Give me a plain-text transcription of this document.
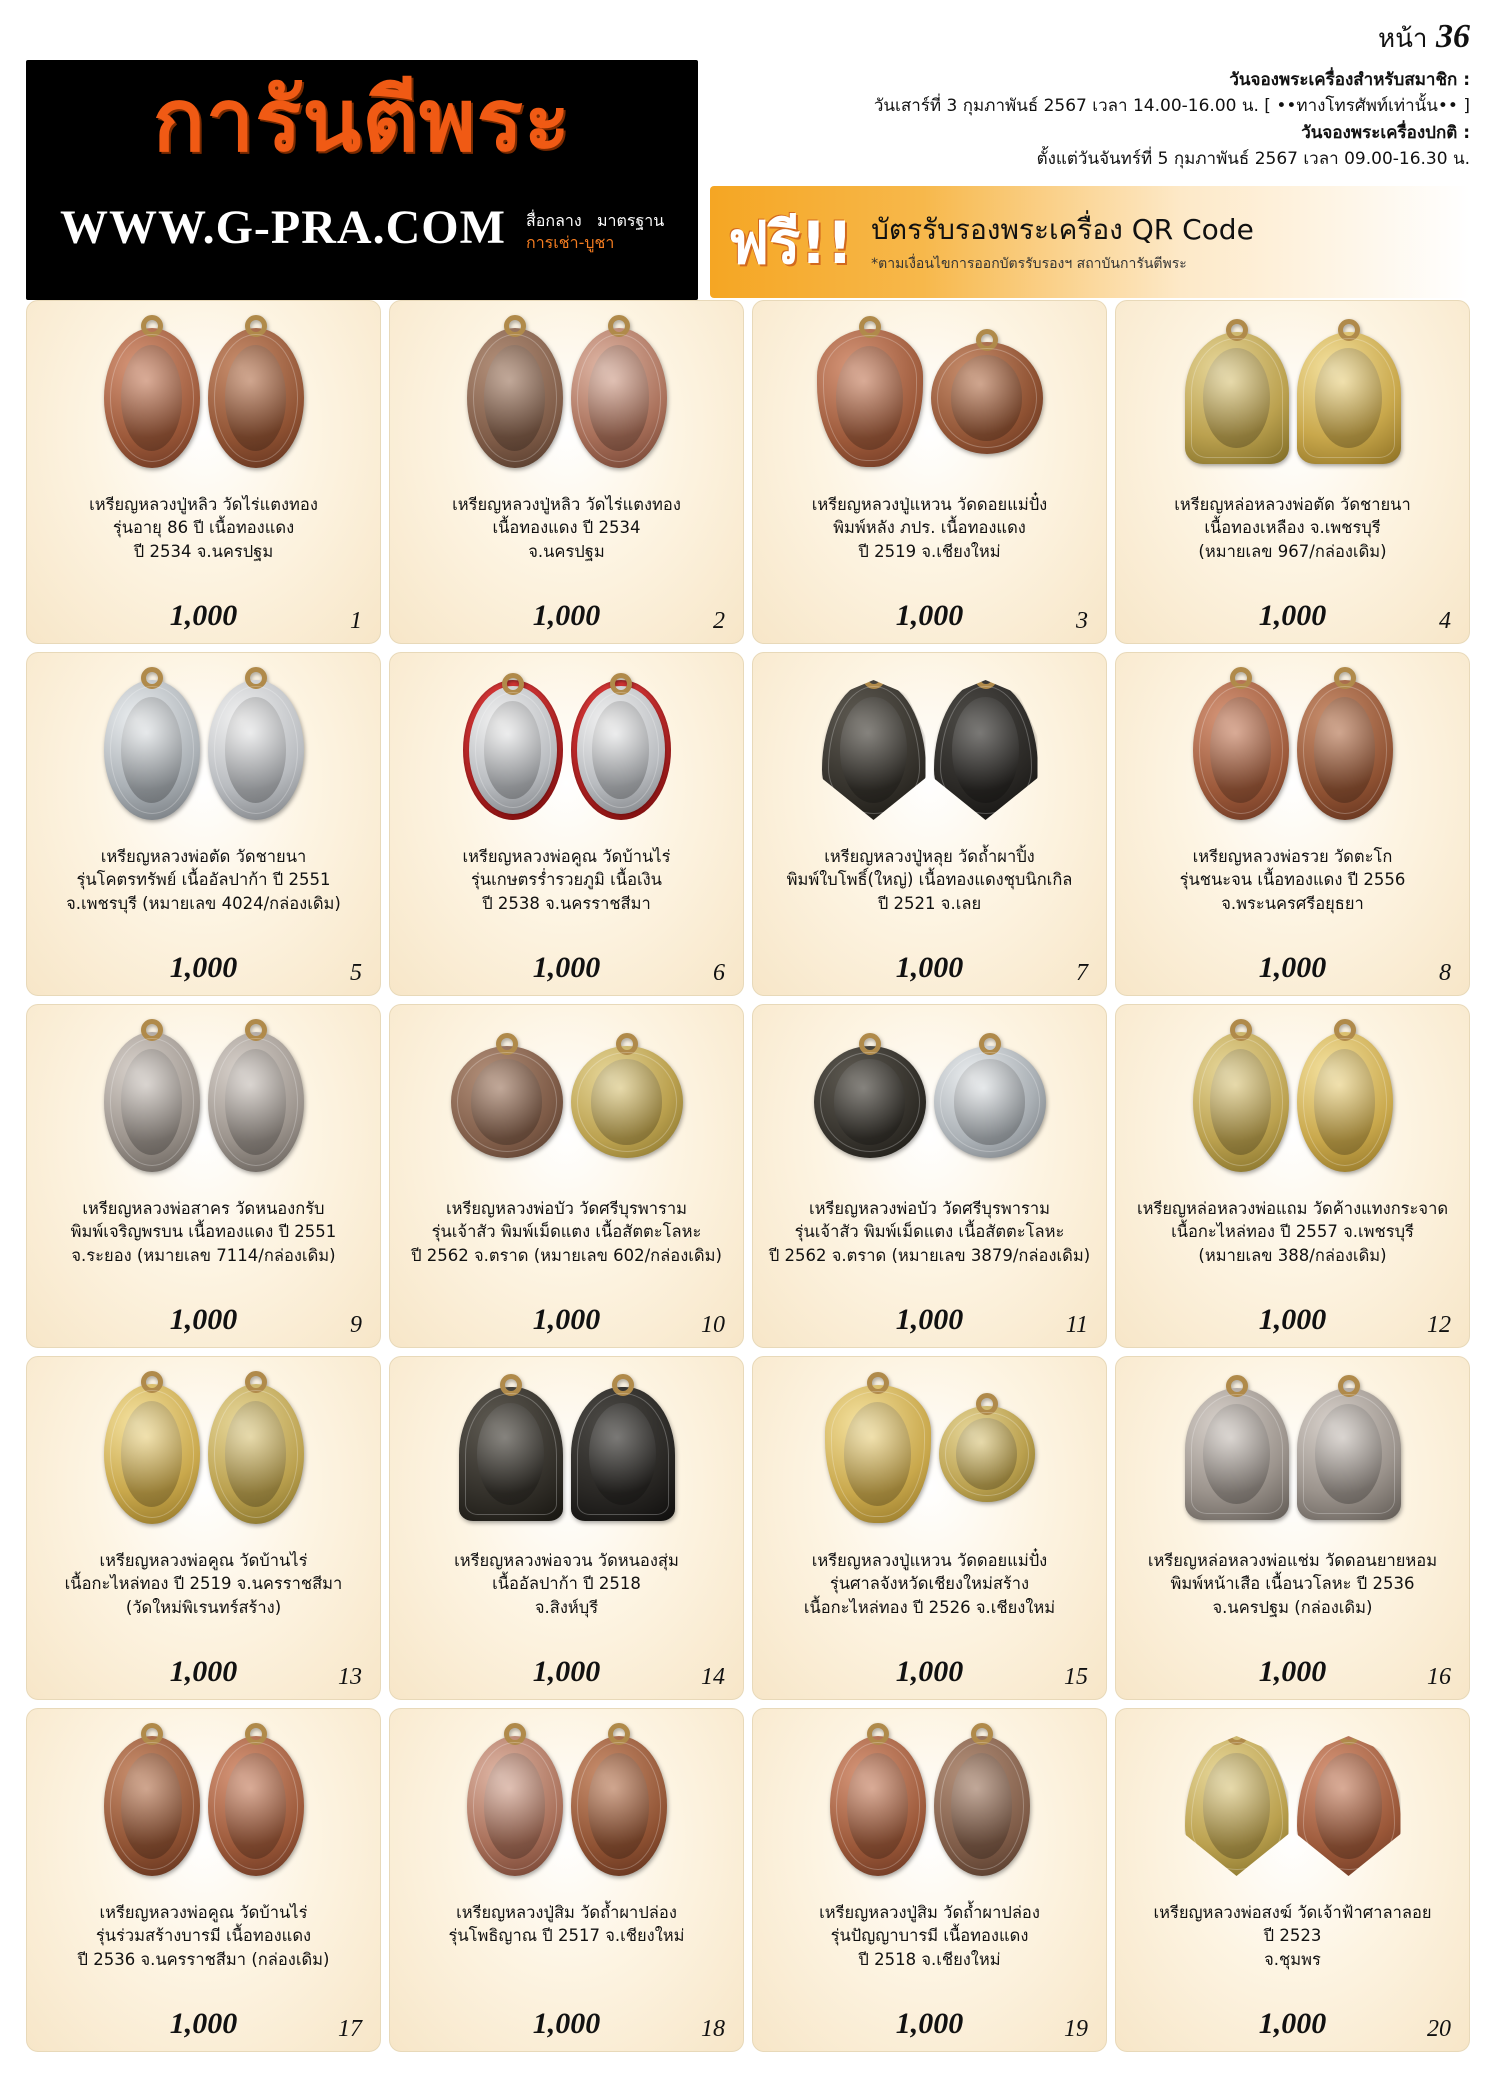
การันตีพระ
WWW.G-PRA.COM สื่อกลาง มาตรฐาน
การเช่า-บูชา
หน้า 36
วันจองพระเครื่องสำหรับสมาชิก :
วันเสาร์ที่ 3 กุมภาพันธ์ 2567 เวลา 14.00-16.00 น. [ ••ทางโทรศัพท์เท่านั้น•• ]
วันจองพระเครื่องปกติ :
ตั้งแต่วันจันทร์ที่ 5 กุมภาพันธ์ 2567 เวลา 09.00-16.30 น.
ฟรี!! บัตรรับรองพระเครื่อง QR Code
*ตามเงื่อนไขการออกบัตรรับรองฯ สถาบันการันตีพระ
เหรียญหลวงปู่หลิว วัดไร่แตงทอง
รุ่นอายุ 86 ปี เนื้อทองแดง
ปี 2534 จ.นครปฐม
1,000	1
เหรียญหลวงปู่หลิว วัดไร่แตงทอง
เนื้อทองแดง ปี 2534
จ.นครปฐม
1,000	2
เหรียญหลวงปู่แหวน วัดดอยแม่ปั๋ง
พิมพ์หลัง ภปร. เนื้อทองแดง
ปี 2519 จ.เชียงใหม่
1,000	3
เหรียญหล่อหลวงพ่อตัด วัดชายนา
เนื้อทองเหลือง จ.เพชรบุรี
(หมายเลข 967/กล่องเดิม)
1,000	4
เหรียญหลวงพ่อตัด วัดชายนา
รุ่นโคตรทรัพย์ เนื้ออัลปาก้า ปี 2551
จ.เพชรบุรี (หมายเลข 4024/กล่องเดิม)
1,000	5
เหรียญหลวงพ่อคูณ วัดบ้านไร่
รุ่นเกษตรร่ำรวยภูมิ เนื้อเงิน
ปี 2538 จ.นครราชสีมา
1,000	6
เหรียญหลวงปู่หลุย วัดถ้ำผาปิ้ง
พิมพ์ใบโพธิ์(ใหญ่) เนื้อทองแดงชุบนิกเกิล
ปี 2521 จ.เลย
1,000	7
เหรียญหลวงพ่อรวย วัดตะโก
รุ่นชนะจน เนื้อทองแดง ปี 2556
จ.พระนครศรีอยุธยา
1,000	8
เหรียญหลวงพ่อสาคร วัดหนองกรับ
พิมพ์เจริญพรบน เนื้อทองแดง ปี 2551
จ.ระยอง (หมายเลข 7114/กล่องเดิม)
1,000	9
เหรียญหลวงพ่อบัว วัดศรีบุรพาราม
รุ่นเจ้าสัว พิมพ์เม็ดแตง เนื้อสัตตะโลหะ
ปี 2562 จ.ตราด (หมายเลข 602/กล่องเดิม)
1,000	10
เหรียญหลวงพ่อบัว วัดศรีบุรพาราม
รุ่นเจ้าสัว พิมพ์เม็ดแตง เนื้อสัตตะโลหะ
ปี 2562 จ.ตราด (หมายเลข 3879/กล่องเดิม)
1,000	11
เหรียญหล่อหลวงพ่อแถม วัดค้างแทงกระจาด
เนื้อกะไหล่ทอง ปี 2557 จ.เพชรบุรี
(หมายเลข 388/กล่องเดิม)
1,000	12
เหรียญหลวงพ่อคูณ วัดบ้านไร่
เนื้อกะไหล่ทอง ปี 2519 จ.นครราชสีมา
(วัดใหม่พิเรนทร์สร้าง)
1,000	13
เหรียญหลวงพ่อจวน วัดหนองสุ่ม
เนื้ออัลปาก้า ปี 2518
จ.สิงห์บุรี
1,000	14
เหรียญหลวงปู่แหวน วัดดอยแม่ปั๋ง
รุ่นศาลจังหวัดเชียงใหม่สร้าง
เนื้อกะไหล่ทอง ปี 2526 จ.เชียงใหม่
1,000	15
เหรียญหล่อหลวงพ่อแช่ม วัดดอนยายหอม
พิมพ์หน้าเสือ เนื้อนวโลหะ ปี 2536
จ.นครปฐม (กล่องเดิม)
1,000	16
เหรียญหลวงพ่อคูณ วัดบ้านไร่
รุ่นร่วมสร้างบารมี เนื้อทองแดง
ปี 2536 จ.นครราชสีมา (กล่องเดิม)
1,000	17
เหรียญหลวงปู่สิม วัดถ้ำผาปล่อง
รุ่นโพธิญาณ ปี 2517 จ.เชียงใหม่
1,000	18
เหรียญหลวงปู่สิม วัดถ้ำผาปล่อง
รุ่นปัญญาบารมี เนื้อทองแดง
ปี 2518 จ.เชียงใหม่
1,000	19
เหรียญหลวงพ่อสงฆ์ วัดเจ้าฟ้าศาลาลอย
ปี 2523
จ.ชุมพร
1,000	20
